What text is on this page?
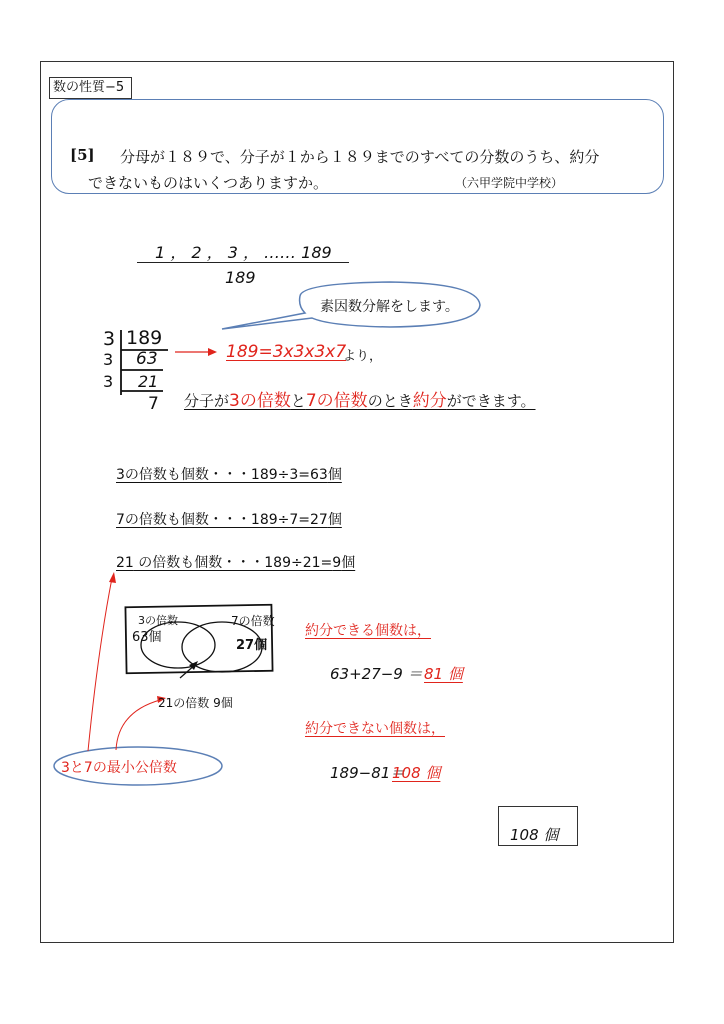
数の性質−5
[5] 分母が１８９で、分子が１から１８９までのすべての分数のうち、約分
できないものはいくつありますか。	（六甲学院中学校）
1 ， 2 ， 3 ， …… 189
189
素因数分解をします。
3 189
3 63
3 21
7
189=3x3x3x7
より，
分子が3の倍数と7の倍数のとき約分ができます。
3の倍数も個数・・・189÷3=63個
7の倍数も個数・・・189÷7=27個
21 の倍数も個数・・・189÷21=9個
3の倍数
63個
7の倍数
27個
21の倍数 9個
3と7の最小公倍数
約分できる個数は，
63+27−9 ＝ 81 個
約分できない個数は，
189−81＝
108 個
108 個
